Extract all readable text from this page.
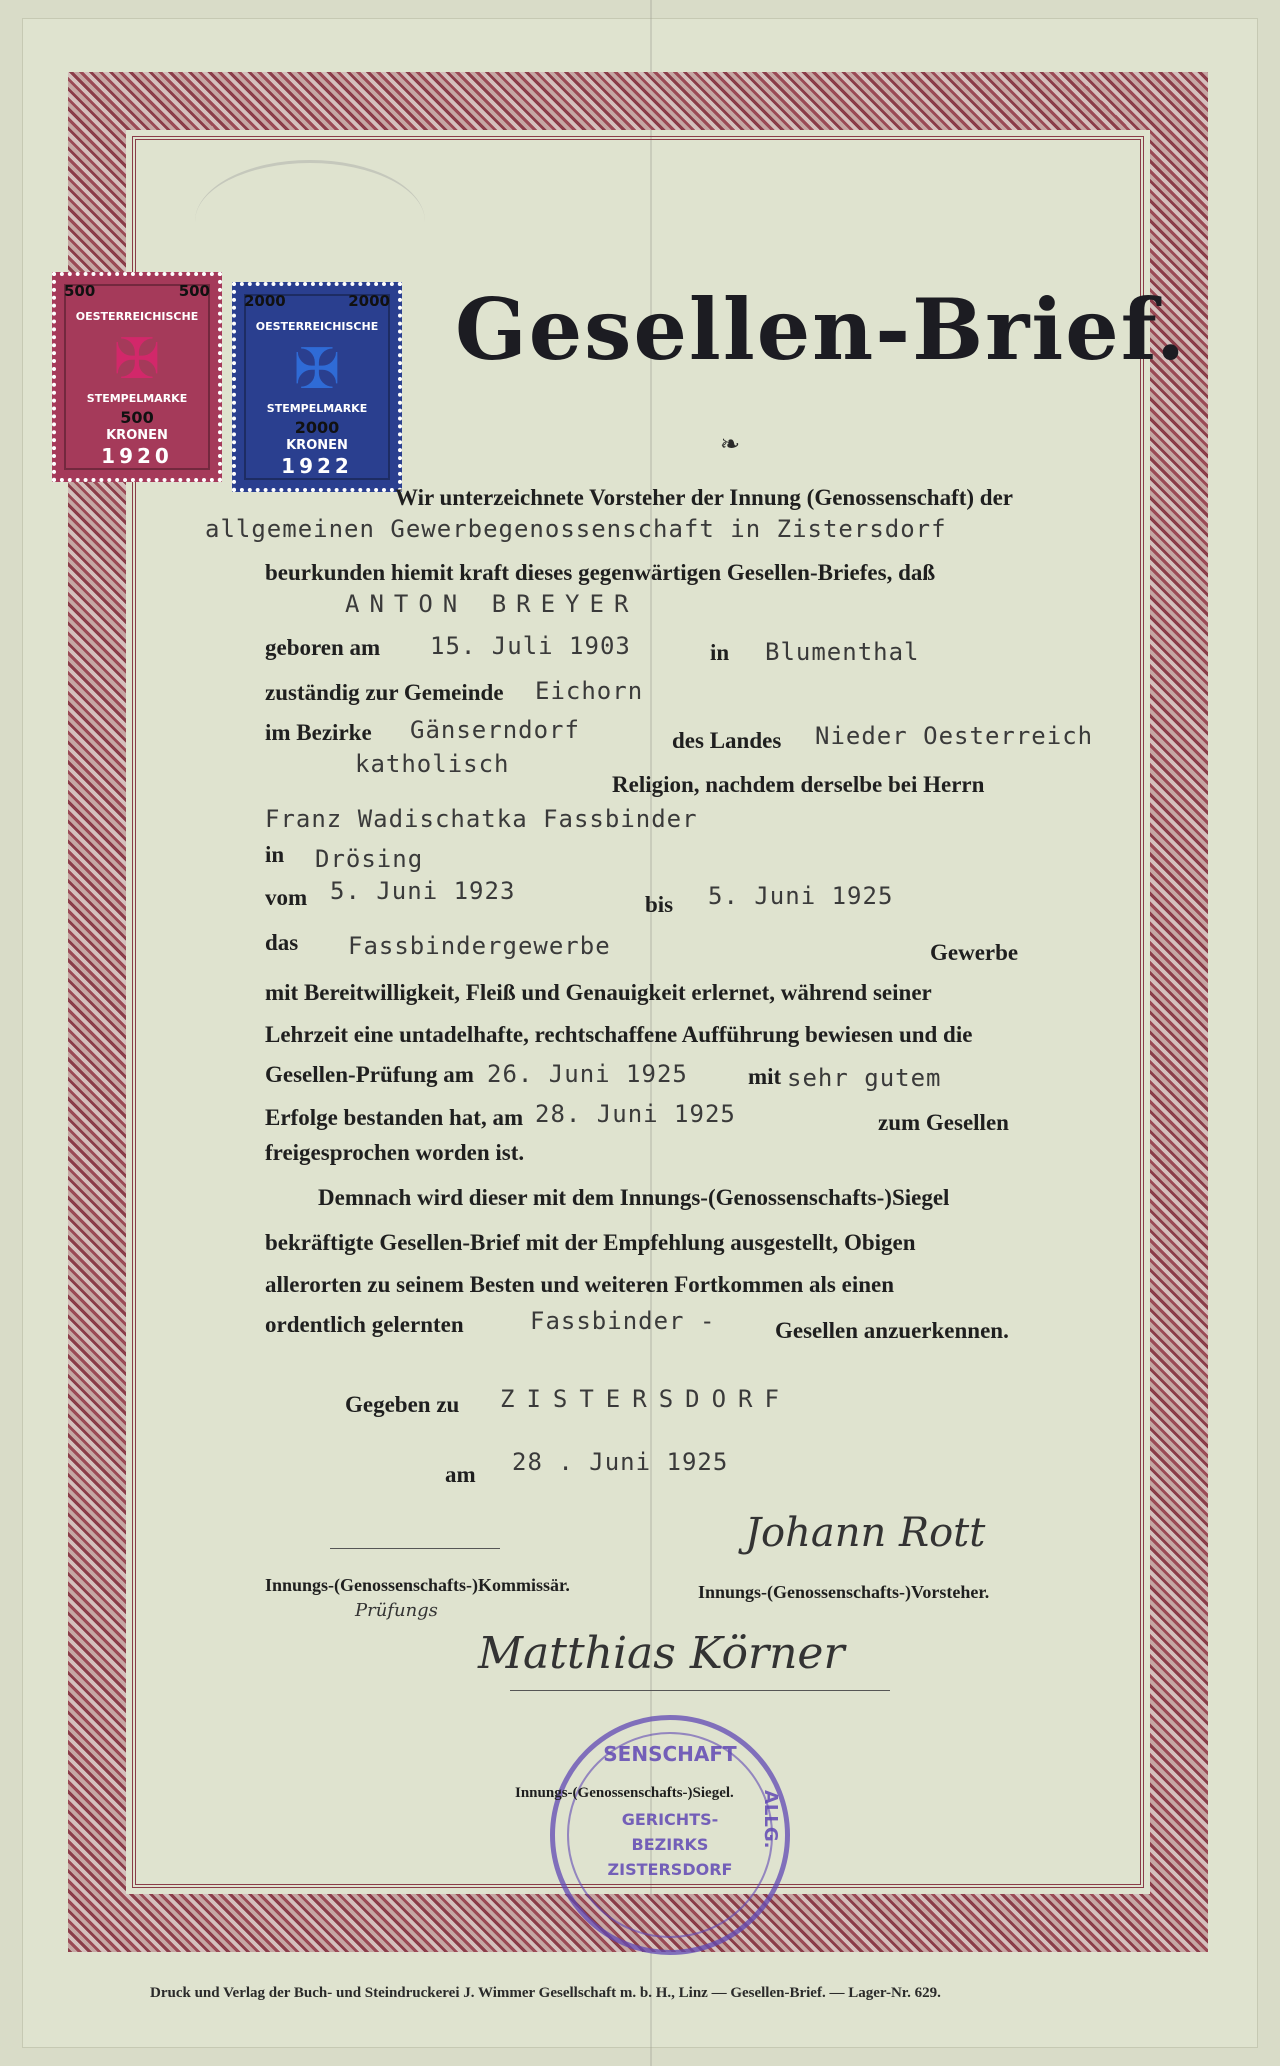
500	500
OESTERREICHISCHE
✠
STEMPELMARKE
500
KRONEN
1920
2000	2000
OESTERREICHISCHE
✠
STEMPELMARKE
2000
KRONEN
1922
Gesellen-Brief.
❧
Wir unterzeichnete Vorsteher der Innung (Genossenschaft) der
allgemeinen Gewerbegenossenschaft in Zistersdorf
beurkunden hiemit kraft dieses gegenwärtigen Gesellen-Briefes, daß
ANTON BREYER
geboren am 15. Juli 1903	in Blumenthal
zuständig zur Gemeinde Eichorn
im Bezirke Gänserndorf	des Landes Nieder Oesterreich
katholisch
Religion, nachdem derselbe bei Herrn
Franz Wadischatka Fassbinder
in Drösing
vom 5. Juni 1923	bis 5. Juni 1925
das Fassbindergewerbe	Gewerbe
mit Bereitwilligkeit, Fleiß und Genauigkeit erlernet, während seiner
Lehrzeit eine untadelhafte, rechtschaffene Aufführung bewiesen und die
Gesellen-Prüfung am 26. Juni 1925	mit sehr gutem
Erfolge bestanden hat, am 28. Juni 1925	zum Gesellen
freigesprochen worden ist.
Demnach wird dieser mit dem Innungs-(Genossenschafts-)Siegel
bekräftigte Gesellen-Brief mit der Empfehlung ausgestellt, Obigen
allerorten zu seinem Besten und weiteren Fortkommen als einen
ordentlich gelernten	Fassbinder -	Gesellen anzuerkennen.
Gegeben zu ZISTERSDORF
am 28 . Juni 1925
Johann Rott
Innungs-(Genossenschafts-)Kommissär.	Innungs-(Genossenschafts-)Vorsteher.
Prüfungs
Matthias Körner
SENSCHAFT
GERICHTS-
BEZIRKS
ZISTERSDORF
ALLG.
Innungs-(Genossenschafts-)Siegel.
Druck und Verlag der Buch- und Steindruckerei J. Wimmer Gesellschaft m. b. H., Linz — Gesellen-Brief. — Lager-Nr. 629.
